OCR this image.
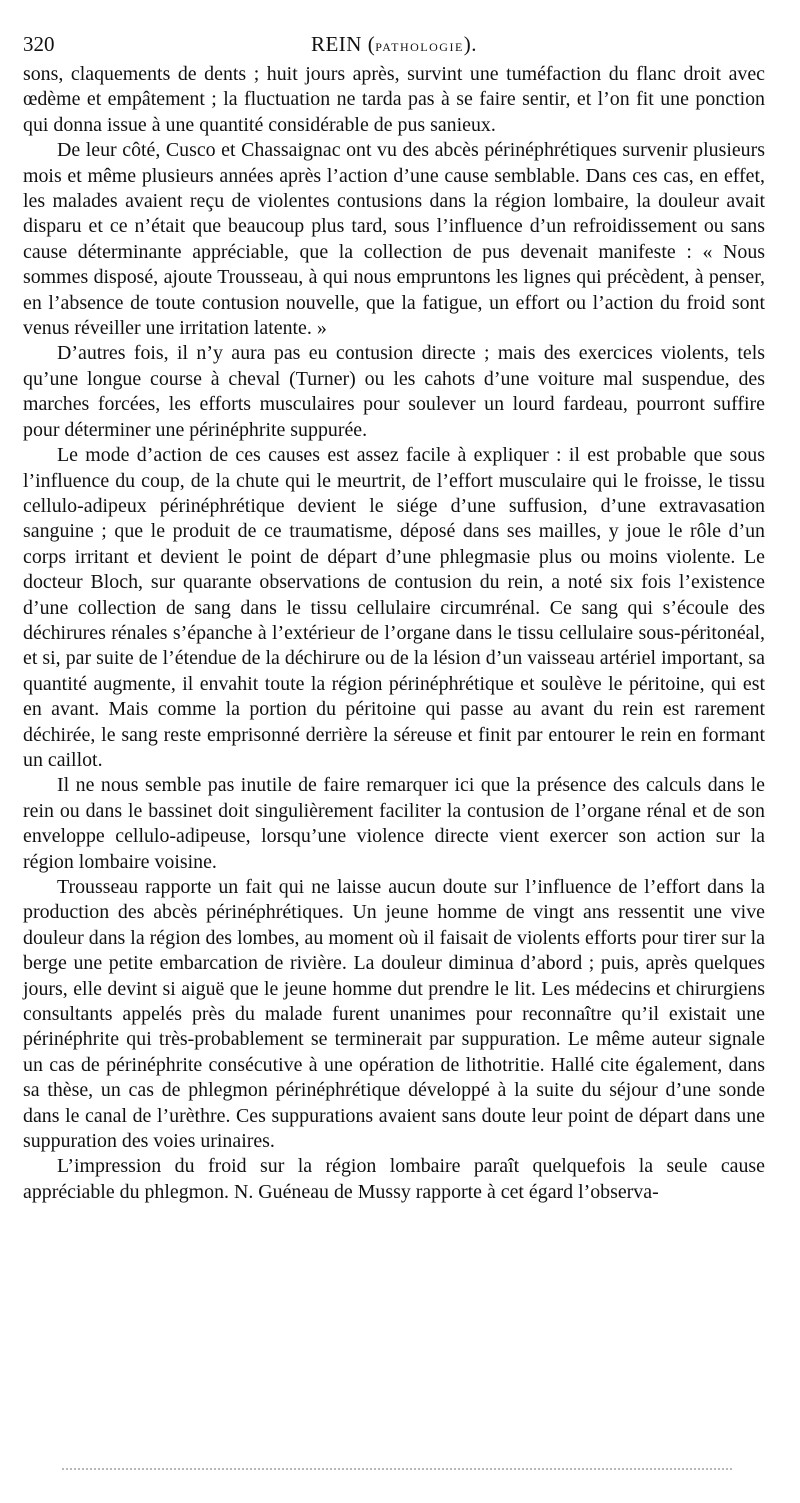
320	REIN (pathologie).

sons, claquements de dents ; huit jours après, survint une tuméfaction du flanc droit avec œdème et empâtement ; la fluctuation ne tarda pas à se faire sentir, et l’on fit une ponction qui donna issue à une quantité considérable de pus sanieux.

De leur côté, Cusco et Chassaignac ont vu des abcès périnéphrétiques survenir plusieurs mois et même plusieurs années après l’action d’une cause semblable. Dans ces cas, en effet, les malades avaient reçu de violentes contusions dans la région lombaire, la douleur avait disparu et ce n’était que beaucoup plus tard, sous l’influence d’un refroidissement ou sans cause déterminante appréciable, que la collection de pus devenait manifeste : « Nous sommes disposé, ajoute Trousseau, à qui nous empruntons les lignes qui précèdent, à penser, en l’absence de toute contusion nouvelle, que la fatigue, un effort ou l’action du froid sont venus réveiller une irritation latente. »

D’autres fois, il n’y aura pas eu contusion directe ; mais des exercices violents, tels qu’une longue course à cheval (Turner) ou les cahots d’une voiture mal suspendue, des marches forcées, les efforts musculaires pour soulever un lourd fardeau, pourront suffire pour déterminer une périnéphrite suppurée.

Le mode d’action de ces causes est assez facile à expliquer : il est probable que sous l’influence du coup, de la chute qui le meurtrit, de l’effort musculaire qui le froisse, le tissu cellulo-adipeux périnéphrétique devient le siége d’une suffusion, d’une extravasation sanguine ; que le produit de ce traumatisme, déposé dans ses mailles, y joue le rôle d’un corps irritant et devient le point de départ d’une phlegmasie plus ou moins violente. Le docteur Bloch, sur quarante observations de contusion du rein, a noté six fois l’existence d’une collection de sang dans le tissu cellulaire circumrénal. Ce sang qui s’écoule des déchirures rénales s’épanche à l’extérieur de l’organe dans le tissu cellulaire sous-péritonéal, et si, par suite de l’étendue de la déchirure ou de la lésion d’un vaisseau artériel important, sa quantité augmente, il envahit toute la région périnéphrétique et soulève le péritoine, qui est en avant. Mais comme la portion du péritoine qui passe au avant du rein est rarement déchirée, le sang reste emprisonné derrière la séreuse et finit par entourer le rein en formant un caillot.

Il ne nous semble pas inutile de faire remarquer ici que la présence des calculs dans le rein ou dans le bassinet doit singulièrement faciliter la contusion de l’organe rénal et de son enveloppe cellulo-adipeuse, lorsqu’une violence directe vient exercer son action sur la région lombaire voisine.

Trousseau rapporte un fait qui ne laisse aucun doute sur l’influence de l’effort dans la production des abcès périnéphrétiques. Un jeune homme de vingt ans ressentit une vive douleur dans la région des lombes, au moment où il faisait de violents efforts pour tirer sur la berge une petite embarcation de rivière. La douleur diminua d’abord ; puis, après quelques jours, elle devint si aiguë que le jeune homme dut prendre le lit. Les médecins et chirurgiens consultants appelés près du malade furent unanimes pour reconnaître qu’il existait une périnéphrite qui très-probablement se terminerait par suppuration. Le même auteur signale un cas de périnéphrite consécutive à une opération de lithotritie. Hallé cite également, dans sa thèse, un cas de phlegmon périnéphrétique développé à la suite du séjour d’une sonde dans le canal de l’urèthre. Ces suppurations avaient sans doute leur point de départ dans une suppuration des voies urinaires.

L’impression du froid sur la région lombaire paraît quelquefois la seule cause appréciable du phlegmon. N. Guéneau de Mussy rapporte à cet égard l’observa-
